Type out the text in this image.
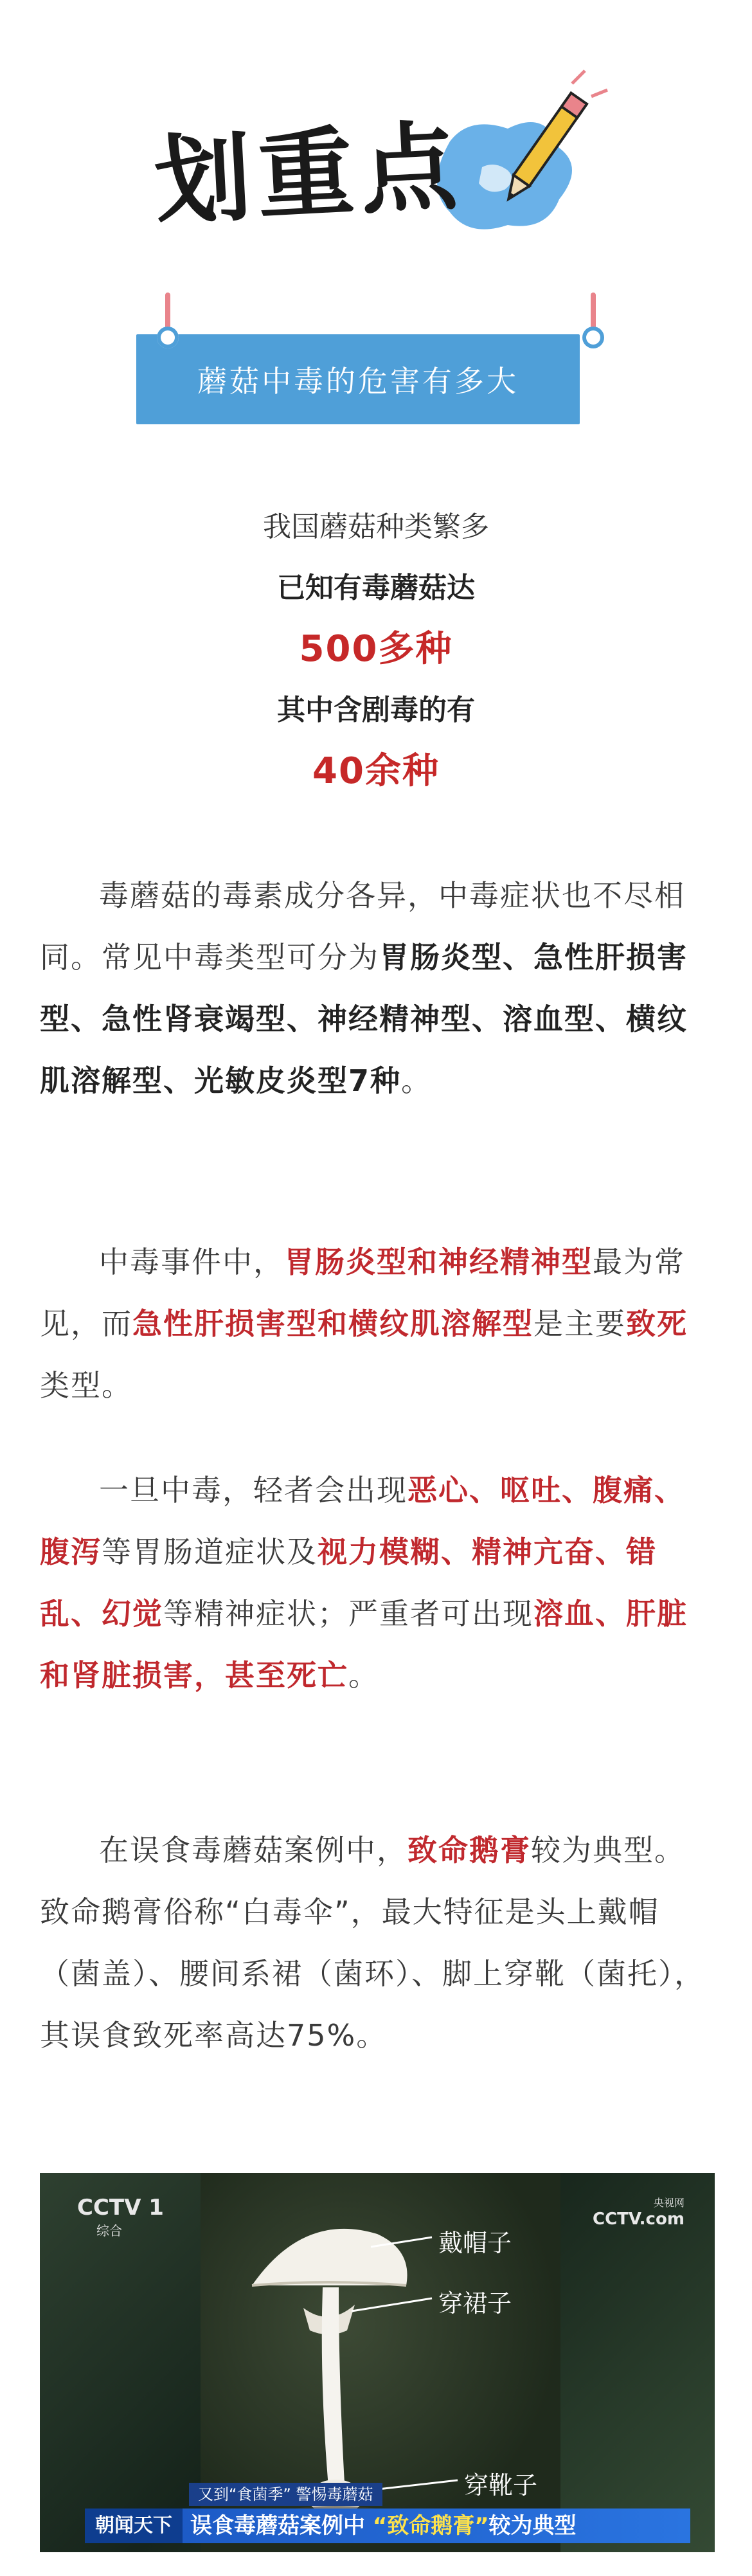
划重点
蘑菇中毒的危害有多大
我国蘑菇种类繁多
已知有毒蘑菇达
500多种
其中含剧毒的有
40余种
毒蘑菇的毒素成分各异，中毒症状也不尽相同。常见中毒类型可分为胃肠炎型、急性肝损害型、急性肾衰竭型、神经精神型、溶血型、横纹肌溶解型、光敏皮炎型7种。
中毒事件中，胃肠炎型和神经精神型最为常见，而急性肝损害型和横纹肌溶解型是主要致死类型。
一旦中毒，轻者会出现恶心、呕吐、腹痛、腹泻等胃肠道症状及视力模糊、精神亢奋、错乱、幻觉等精神症状；严重者可出现溶血、肝脏和肾脏损害，甚至死亡。
在误食毒蘑菇案例中，致命鹅膏较为典型。致命鹅膏俗称“白毒伞”，最大特征是头上戴帽（菌盖）、腰间系裙（菌环）、脚上穿靴（菌托），其误食致死率高达75%。
戴帽子
穿裙子
穿靴子
CCTV 1
综合
央视网
CCTV.com
又到“食菌季” 警惕毒蘑菇
朝闻天下 误食毒蘑菇案例中 “致命鹅膏”较为典型
